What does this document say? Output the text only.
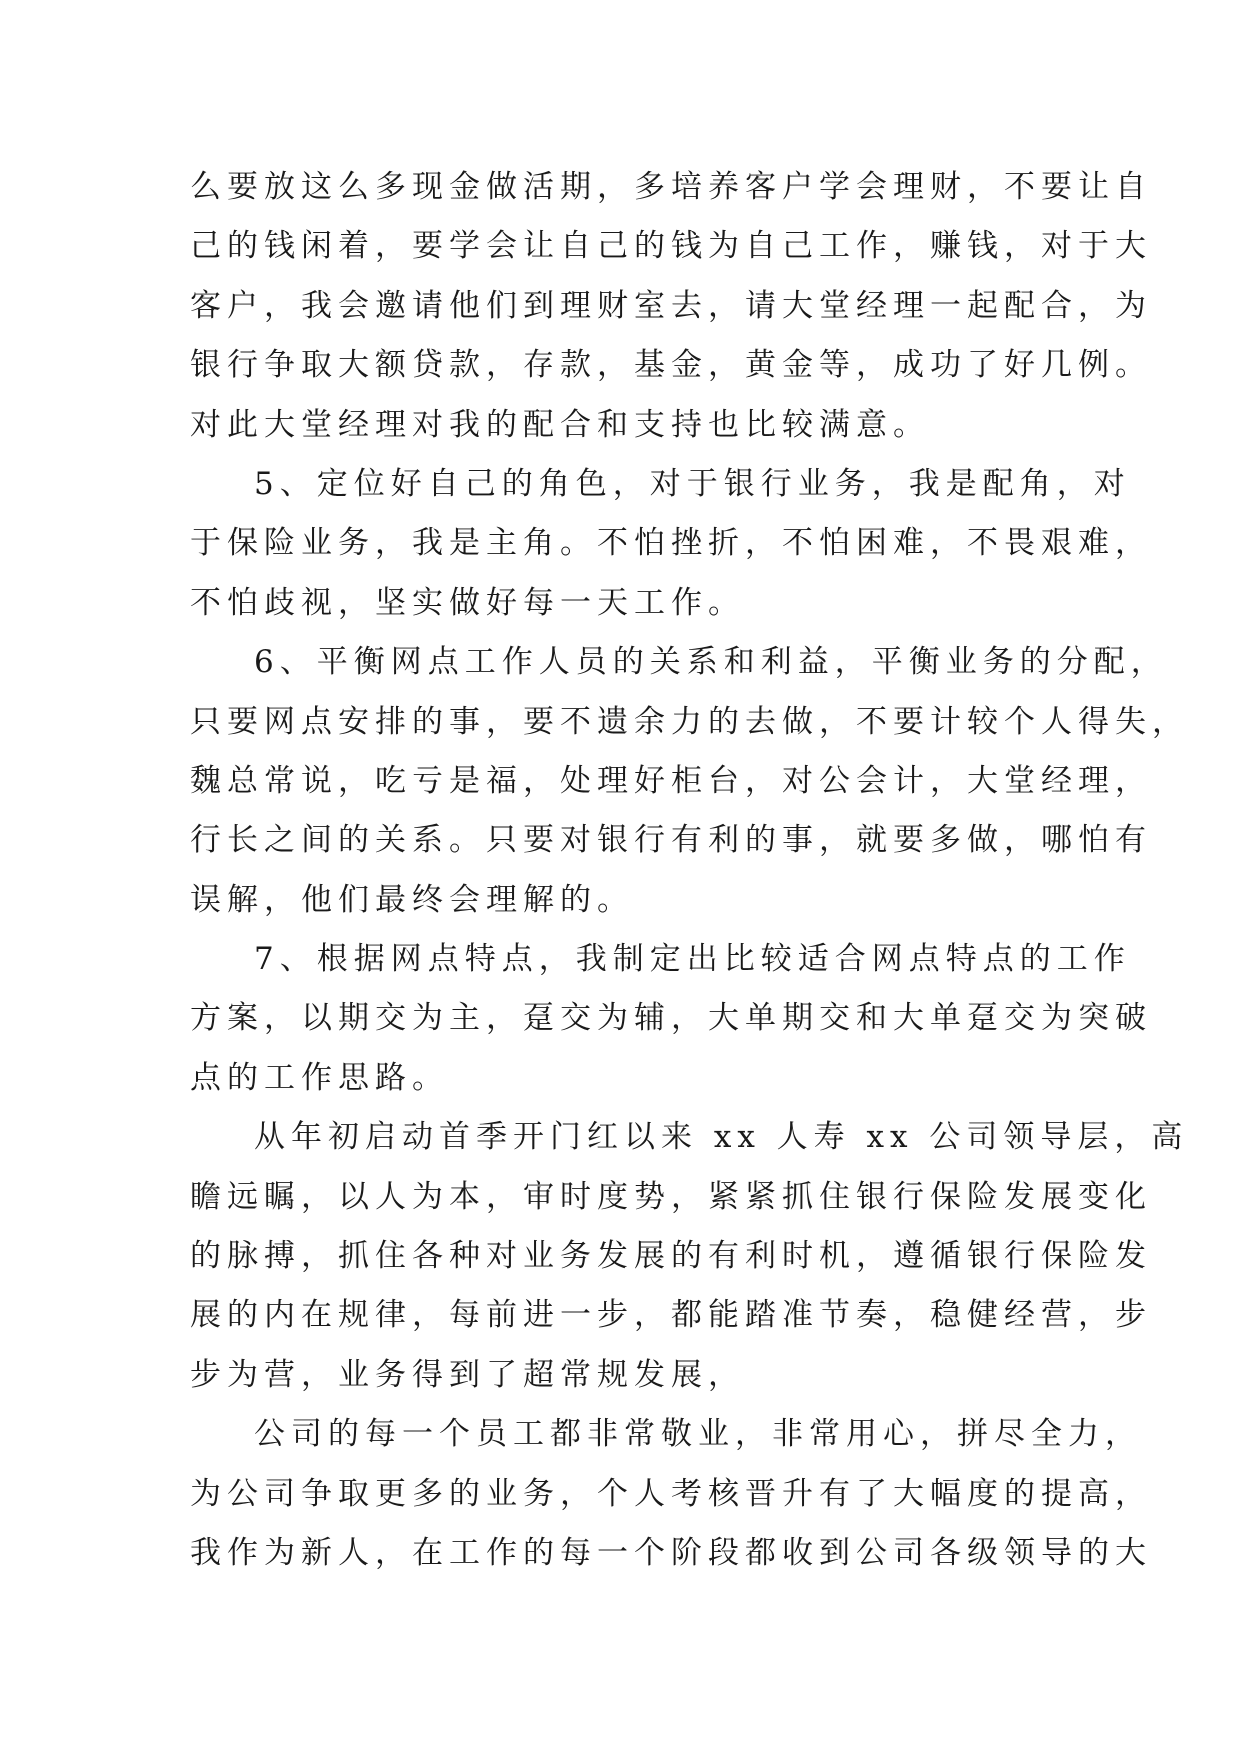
么要放这么多现金做活期，多培养客户学会理财，不要让自
己的钱闲着，要学会让自己的钱为自己工作，赚钱，对于大
客户，我会邀请他们到理财室去，请大堂经理一起配合，为
银行争取大额贷款，存款，基金，黄金等，成功了好几例。
对此大堂经理对我的配合和支持也比较满意。
5、定位好自己的角色，对于银行业务，我是配角，对
于保险业务，我是主角。不怕挫折，不怕困难，不畏艰难，
不怕歧视，坚实做好每一天工作。
6、平衡网点工作人员的关系和利益，平衡业务的分配，
只要网点安排的事，要不遗余力的去做，不要计较个人得失，
魏总常说，吃亏是福，处理好柜台，对公会计，大堂经理，
行长之间的关系。只要对银行有利的事，就要多做，哪怕有
误解，他们最终会理解的。
7、根据网点特点，我制定出比较适合网点特点的工作
方案，以期交为主，趸交为辅，大单期交和大单趸交为突破
点的工作思路。
从年初启动首季开门红以来 xx 人寿 xx 公司领导层，高
瞻远瞩，以人为本，审时度势，紧紧抓住银行保险发展变化
的脉搏，抓住各种对业务发展的有利时机，遵循银行保险发
展的内在规律，每前进一步，都能踏准节奏，稳健经营，步
步为营，业务得到了超常规发展，
公司的每一个员工都非常敬业，非常用心，拼尽全力，
为公司争取更多的业务，个人考核晋升有了大幅度的提高，
我作为新人，在工作的每一个阶段都收到公司各级领导的大
